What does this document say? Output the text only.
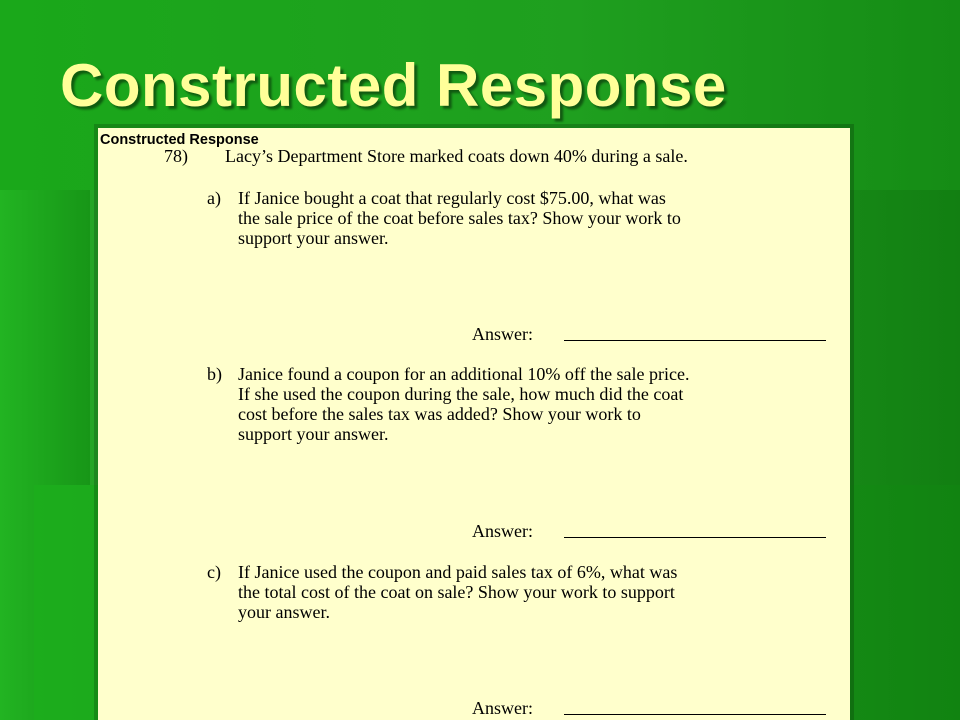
Constructed Response
Constructed Response
78) Lacy’s Department Store marked coats down 40% during a sale.
a) If Janice bought a coat that regularly cost $75.00, what was
the sale price of the coat before sales tax? Show your work to
support your answer.
Answer:
b) Janice found a coupon for an additional 10% off the sale price.
If she used the coupon during the sale, how much did the coat
cost before the sales tax was added? Show your work to
support your answer.
Answer:
c) If Janice used the coupon and paid sales tax of 6%, what was
the total cost of the coat on sale? Show your work to support
your answer.
Answer:
